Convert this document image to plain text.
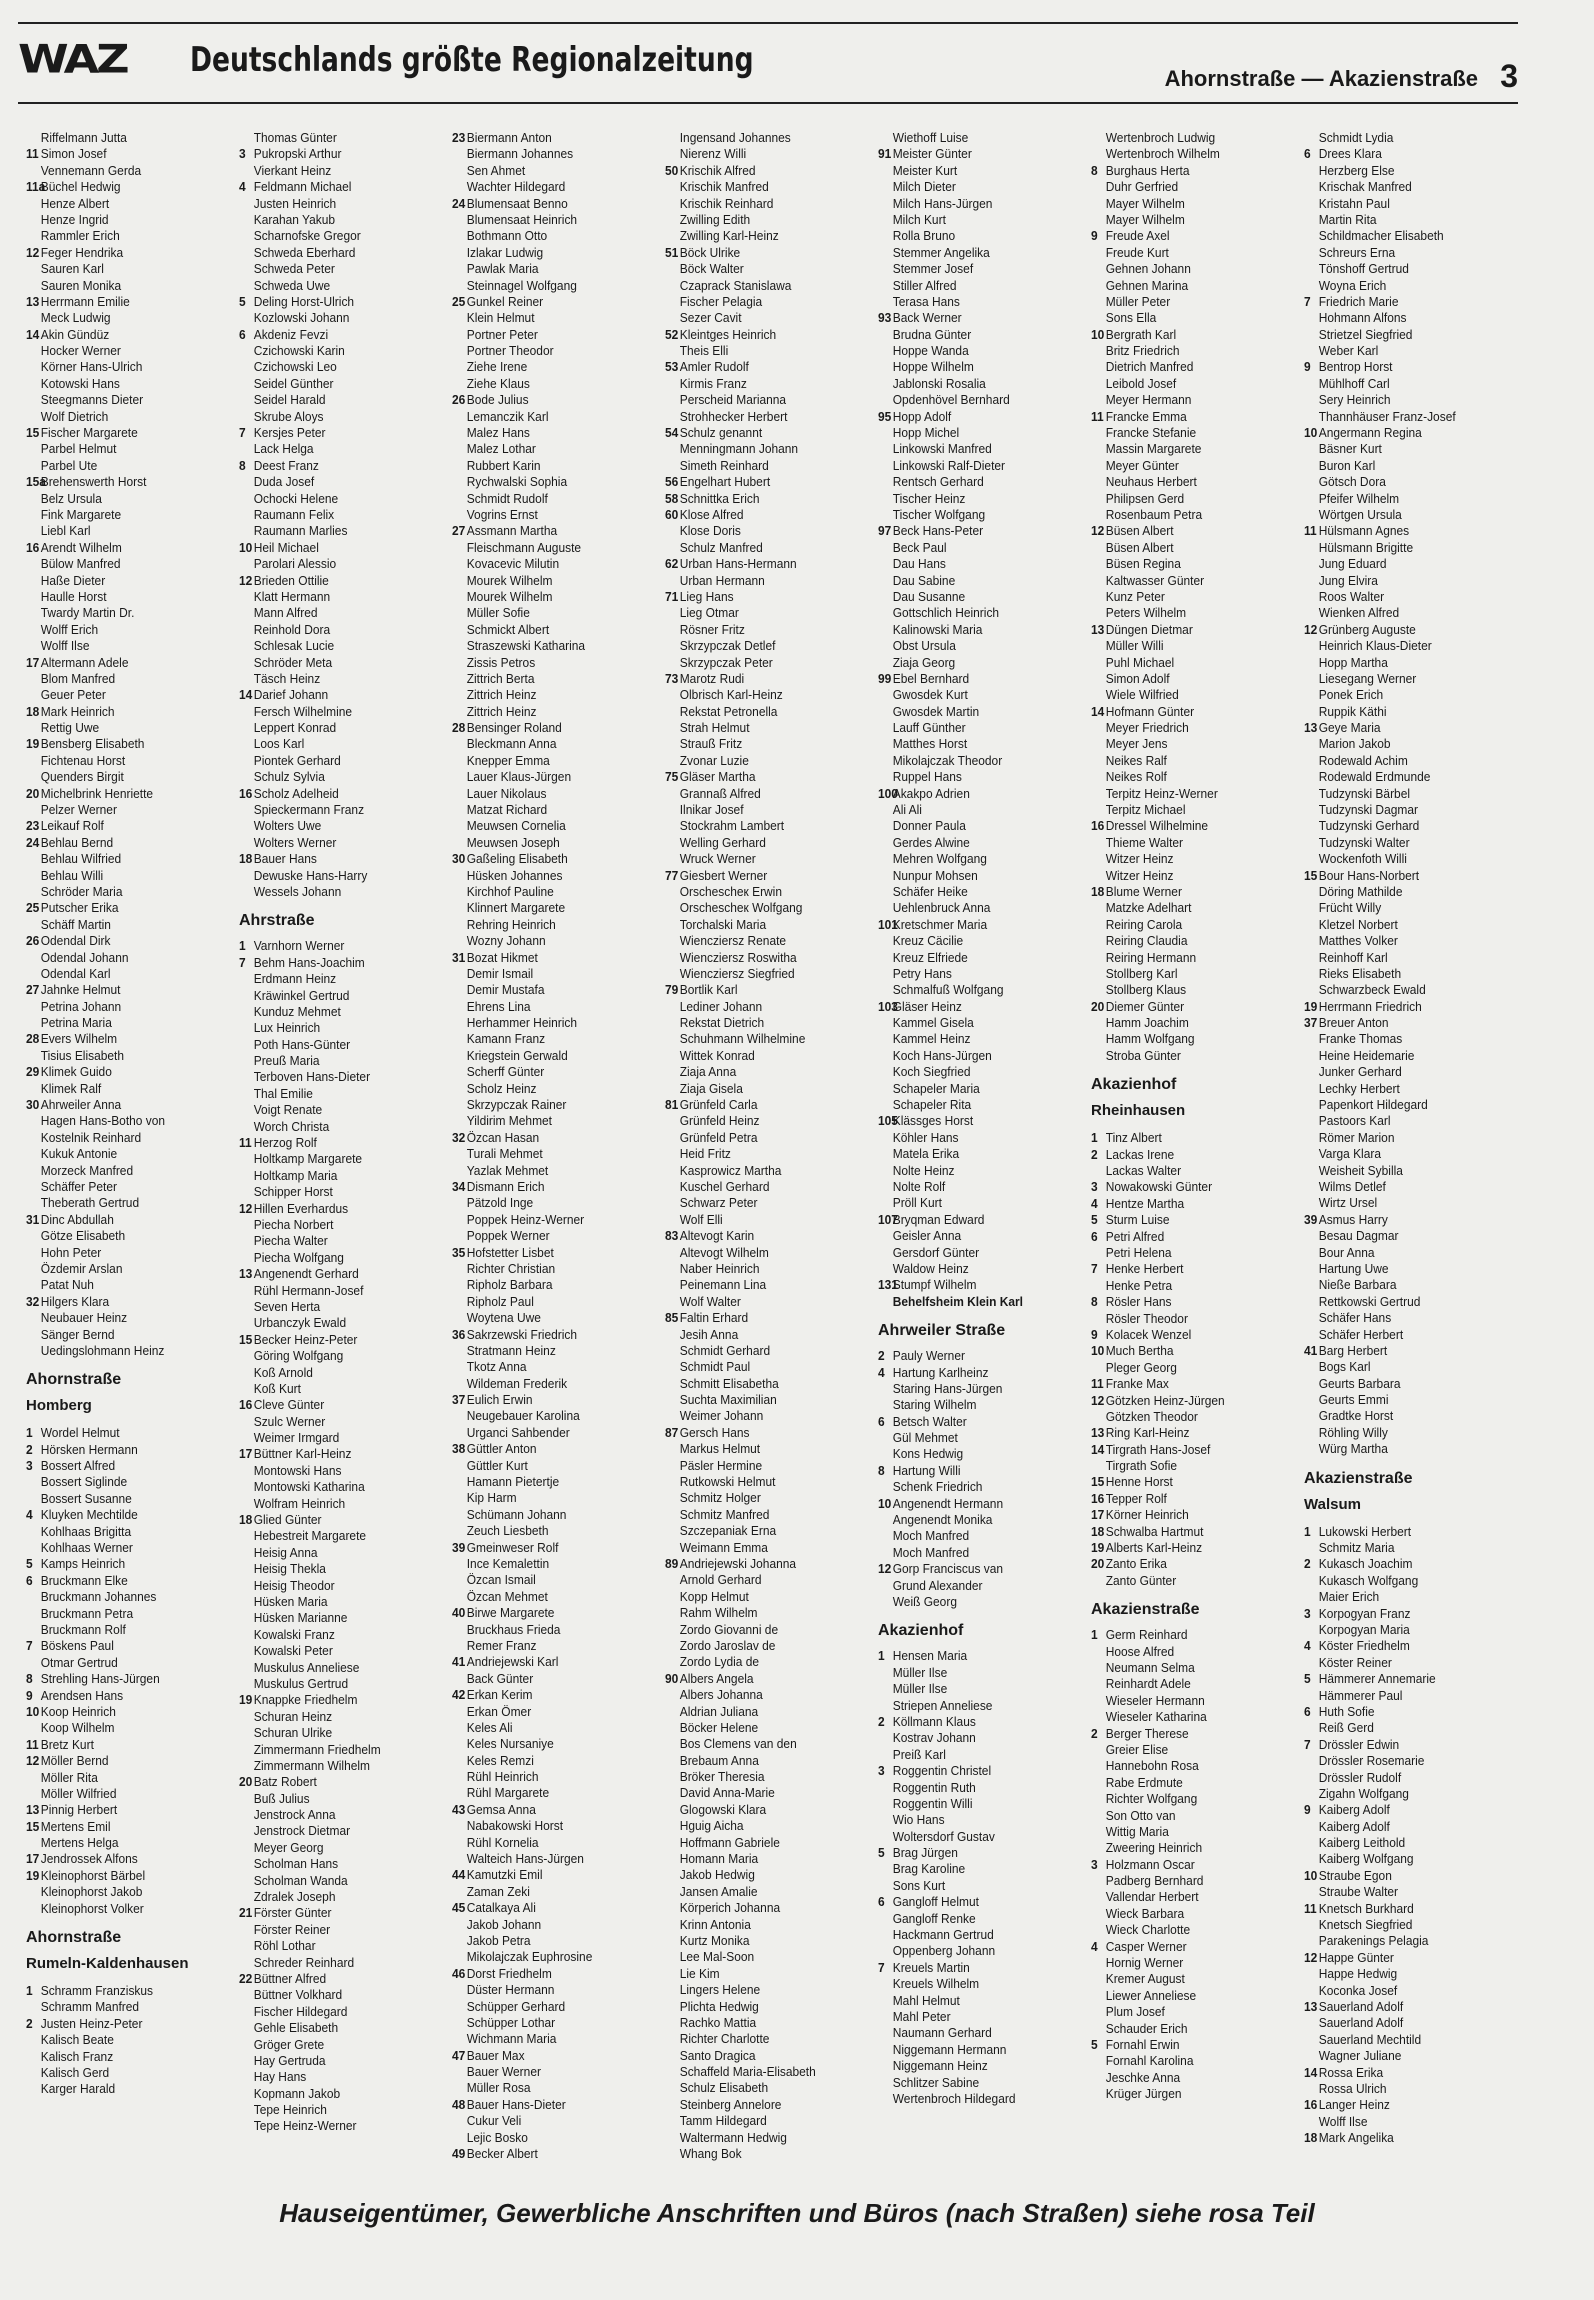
WAZ Deutschlands größte Regionalzeitung	Ahornstraße — Akazienstraße 3
Riffelmann Jutta
11 Simon Josef
Vennemann Gerda
11aBüchel Hedwig
Henze Albert
Henze Ingrid
Rammler Erich
12Feger Hendrika
Sauren Karl
Sauren Monika
13Herrmann Emilie
Meck Ludwig
14Akin Gündüz
Hocker Werner
Körner Hans-Ulrich
Kotowski Hans
Steegmanns Dieter
Wolf Dietrich
15Fischer Margarete
Parbel Helmut
Parbel Ute
15aBrehenswerth Horst
Belz Ursula
Fink Margarete
Liebl Karl
16Arendt Wilhelm
Bülow Manfred
Haße Dieter
Haulle Horst
Twardy Martin Dr.
Wolff Erich
Wolff Ilse
17Altermann Adele
Blom Manfred
Geuer Peter
18Mark Heinrich
Rettig Uwe
19Bensberg Elisabeth
Fichtenau Horst
Quenders Birgit
20Michelbrink Henriette
Pelzer Werner
23Leikauf Rolf
24Behlau Bernd
Behlau Wilfried
Behlau Willi
Schröder Maria
25Putscher Erika
Schäff Martin
26Odendal Dirk
Odendal Johann
Odendal Karl
27Jahnke Helmut
Petrina Johann
Petrina Maria
28Evers Wilhelm
Tisius Elisabeth
29Klimek Guido
Klimek Ralf
30Ahrweiler Anna
Hagen Hans-Botho von
Kostelnik Reinhard
Kukuk Antonie
Morzeck Manfred
Schäffer Peter
Theberath Gertrud
31Dinc Abdullah
Götze Elisabeth
Hohn Peter
Özdemir Arslan
Patat Nuh
32Hilgers Klara
Neubauer Heinz
Sänger Bernd
Uedingslohmann Heinz
Ahornstraße
Homberg
1 Wordel Helmut
2 Hörsken Hermann
3 Bossert Alfred
Bossert Siglinde
Bossert Susanne
4 Kluyken Mechtilde
Kohlhaas Brigitta
Kohlhaas Werner
5 Kamps Heinrich
6 Bruckmann Elke
Bruckmann Johannes
Bruckmann Petra
Bruckmann Rolf
7 Böskens Paul
Otmar Gertrud
8 Strehling Hans-Jürgen
9 Arendsen Hans
10Koop Heinrich
Koop Wilhelm
11 Bretz Kurt
12Möller Bernd
Möller Rita
Möller Wilfried
13Pinnig Herbert
15Mertens Emil
Mertens Helga
17Jendrossek Alfons
19Kleinophorst Bärbel
Kleinophorst Jakob
Kleinophorst Volker
Ahornstraße
Rumeln-Kaldenhausen
1 Schramm Franziskus
Schramm Manfred
2 Justen Heinz-Peter
Kalisch Beate
Kalisch Franz
Kalisch Gerd
Karger Harald
Thomas Günter
3 Pukropski Arthur
Vierkant Heinz
4 Feldmann Michael
Justen Heinrich
Karahan Yakub
Scharnofske Gregor
Schweda Eberhard
Schweda Peter
Schweda Uwe
5 Deling Horst-Ulrich
Kozlowski Johann
6 Akdeniz Fevzi
Czichowski Karin
Czichowski Leo
Seidel Günther
Seidel Harald
Skrube Aloys
7 Kersjes Peter
Lack Helga
8 Deest Franz
Duda Josef
Ochocki Helene
Raumann Felix
Raumann Marlies
10Heil Michael
Parolari Alessio
12Brieden Ottilie
Klatt Hermann
Mann Alfred
Reinhold Dora
Schlesak Lucie
Schröder Meta
Täsch Heinz
14Darief Johann
Fersch Wilhelmine
Leppert Konrad
Loos Karl
Piontek Gerhard
Schulz Sylvia
16Scholz Adelheid
Spieckermann Franz
Wolters Uwe
Wolters Werner
18Bauer Hans
Dewuske Hans-Harry
Wessels Johann
Ahrstraße
1 Varnhorn Werner
7 Behm Hans-Joachim
Erdmann Heinz
Kräwinkel Gertrud
Kunduz Mehmet
Lux Heinrich
Poth Hans-Günter
Preuß Maria
Terboven Hans-Dieter
Thal Emilie
Voigt Renate
Worch Christa
11 Herzog Rolf
Holtkamp Margarete
Holtkamp Maria
Schipper Horst
12Hillen Everhardus
Piecha Norbert
Piecha Walter
Piecha Wolfgang
13Angenendt Gerhard
Rühl Hermann-Josef
Seven Herta
Urbanczyk Ewald
15Becker Heinz-Peter
Göring Wolfgang
Koß Arnold
Koß Kurt
16Cleve Günter
Szulc Werner
Weimer Irmgard
17Büttner Karl-Heinz
Montowski Hans
Montowski Katharina
Wolfram Heinrich
18Glied Günter
Hebestreit Margarete
Heisig Anna
Heisig Thekla
Heisig Theodor
Hüsken Maria
Hüsken Marianne
Kowalski Franz
Kowalski Peter
Muskulus Anneliese
Muskulus Gertrud
19Knappke Friedhelm
Schuran Heinz
Schuran Ulrike
Zimmermann Friedhelm
Zimmermann Wilhelm
20Batz Robert
Buß Julius
Jenstrock Anna
Jenstrock Dietmar
Meyer Georg
Scholman Hans
Scholman Wanda
Zdralek Joseph
21Förster Günter
Förster Reiner
Röhl Lothar
Schreder Reinhard
22Büttner Alfred
Büttner Volkhard
Fischer Hildegard
Gehle Elisabeth
Gröger Grete
Hay Gertruda
Hay Hans
Kopmann Jakob
Tepe Heinrich
Tepe Heinz-Werner
23Biermann Anton
Biermann Johannes
Sen Ahmet
Wachter Hildegard
24Blumensaat Benno
Blumensaat Heinrich
Bothmann Otto
Izlakar Ludwig
Pawlak Maria
Steinnagel Wolfgang
25Gunkel Reiner
Klein Helmut
Portner Peter
Portner Theodor
Ziehe Irene
Ziehe Klaus
26Bode Julius
Lemanczik Karl
Malez Hans
Malez Lothar
Rubbert Karin
Rychwalski Sophia
Schmidt Rudolf
Vogrins Ernst
27Assmann Martha
Fleischmann Auguste
Kovacevic Milutin
Mourek Wilhelm
Mourek Wilhelm
Müller Sofie
Schmickt Albert
Straszewski Katharina
Zissis Petros
Zittrich Berta
Zittrich Heinz
Zittrich Heinz
28Bensinger Roland
Bleckmann Anna
Knepper Emma
Lauer Klaus-Jürgen
Lauer Nikolaus
Matzat Richard
Meuwsen Cornelia
Meuwsen Joseph
30Gaßeling Elisabeth
Hüsken Johannes
Kirchhof Pauline
Klinnert Margarete
Rehring Heinrich
Wozny Johann
31Bozat Hikmet
Demir Ismail
Demir Mustafa
Ehrens Lina
Herhammer Heinrich
Kamann Franz
Kriegstein Gerwald
Scherff Günter
Scholz Heinz
Skrzypczak Rainer
Yildirim Mehmet
32Özcan Hasan
Turali Mehmet
Yazlak Mehmet
34Dismann Erich
Pätzold Inge
Poppek Heinz-Werner
Poppek Werner
35Hofstetter Lisbet
Richter Christian
Ripholz Barbara
Ripholz Paul
Woytena Uwe
36Sakrzewski Friedrich
Stratmann Heinz
Tkotz Anna
Wildeman Frederik
37Eulich Erwin
Neugebauer Karolina
Urganci Sahbender
38Güttler Anton
Güttler Kurt
Hamann Pietertje
Kip Harm
Schümann Johann
Zeuch Liesbeth
39Gmeinweser Rolf
Ince Kemalettin
Özcan Ismail
Özcan Mehmet
40Birwe Margarete
Bruckhaus Frieda
Remer Franz
41Andriejewski Karl
Back Günter
42Erkan Kerim
Erkan Ömer
Keles Ali
Keles Nursaniye
Keles Remzi
Rühl Heinrich
Rühl Margarete
43Gemsa Anna
Nabakowski Horst
Rühl Kornelia
Walteich Hans-Jürgen
44Kamutzki Emil
Zaman Zeki
45Catalkaya Ali
Jakob Johann
Jakob Petra
Mikolajczak Euphrosine
46Dorst Friedhelm
Düster Hermann
Schüpper Gerhard
Schüpper Lothar
Wichmann Maria
47Bauer Max
Bauer Werner
Müller Rosa
48Bauer Hans-Dieter
Cukur Veli
Lejic Bosko
49Becker Albert
Ingensand Johannes
Nierenz Willi
50Krischik Alfred
Krischik Manfred
Krischik Reinhard
Zwilling Edith
Zwilling Karl-Heinz
51Böck Ulrike
Böck Walter
Czaprack Stanislawa
Fischer Pelagia
Sezer Cavit
52Kleintges Heinrich
Theis Elli
53Amler Rudolf
Kirmis Franz
Perscheid Marianna
Strohhecker Herbert
54Schulz genannt
Menningmann Johann
Simeth Reinhard
56Engelhart Hubert
58Schnittka Erich
60Klose Alfred
Klose Doris
Schulz Manfred
62Urban Hans-Hermann
Urban Hermann
71Lieg Hans
Lieg Otmar
Rösner Fritz
Skrzypczak Detlef
Skrzypczak Peter
73Marotz Rudi
Olbrisch Karl-Heinz
Rekstat Petronella
Strah Helmut
Strauß Fritz
Zvonar Luzie
75Gläser Martha
Grannaß Alfred
Ilnikar Josef
Stockrahm Lambert
Welling Gerhard
Wruck Werner
77Giesbert Werner
Orschescheк Erwin
Orschescheк Wolfgang
Torchalski Maria
Wiencziersz Renate
Wiencziersz Roswitha
Wiencziersz Siegfried
79Bortlik Karl
Lediner Johann
Rekstat Dietrich
Schuhmann Wilhelmine
Wittek Konrad
Ziaja Anna
Ziaja Gisela
81Grünfeld Carla
Grünfeld Heinz
Grünfeld Petra
Heid Fritz
Kasprowicz Martha
Kuschel Gerhard
Schwarz Peter
Wolf Elli
83Altevogt Karin
Altevogt Wilhelm
Naber Heinrich
Peinemann Lina
Wolf Walter
85Faltin Erhard
Jesih Anna
Schmidt Gerhard
Schmidt Paul
Schmitt Elisabetha
Suchta Maximilian
Weimer Johann
87Gersch Hans
Markus Helmut
Päsler Hermine
Rutkowski Helmut
Schmitz Holger
Schmitz Manfred
Szczepaniak Erna
Weimann Emma
89Andriejewski Johanna
Arnold Gerhard
Kopp Helmut
Rahm Wilhelm
Zordo Giovanni de
Zordo Jaroslav de
Zordo Lydia de
90Albers Angela
Albers Johanna
Aldrian Juliana
Böcker Helene
Bos Clemens van den
Brebaum Anna
Bröker Theresia
David Anna-Marie
Glogowski Klara
Hguig Aicha
Hoffmann Gabriele
Homann Maria
Jakob Hedwig
Jansen Amalie
Körperich Johanna
Krinn Antonia
Kurtz Monika
Lee Mal-Soon
Lie Kim
Lingers Helene
Plichta Hedwig
Rachko Mattia
Richter Charlotte
Santo Dragica
Schaffeld Maria-Elisabeth
Schulz Elisabeth
Steinberg Annelore
Tamm Hildegard
Waltermann Hedwig
Whang Bok
Wiethoff Luise
91Meister Günter
Meister Kurt
Milch Dieter
Milch Hans-Jürgen
Milch Kurt
Rolla Bruno
Stemmer Angelika
Stemmer Josef
Stiller Alfred
Terasa Hans
93Back Werner
Brudna Günter
Hoppe Wanda
Hoppe Wilhelm
Jablonski Rosalia
Opdenhövel Bernhard
95Hopp Adolf
Hopp Michel
Linkowski Manfred
Linkowski Ralf-Dieter
Rentsch Gerhard
Tischer Heinz
Tischer Wolfgang
97Beck Hans-Peter
Beck Paul
Dau Hans
Dau Sabine
Dau Susanne
Gottschlich Heinrich
Kalinowski Maria
Obst Ursula
Ziaja Georg
99Ebel Bernhard
Gwosdek Kurt
Gwosdek Martin
Lauff Günther
Matthes Horst
Mikolajczak Theodor
Ruppel Hans
100Akakpo Adrien
Ali Ali
Donner Paula
Gerdes Alwine
Mehren Wolfgang
Nunpur Mohsen
Schäfer Heike
Uehlenbruck Anna
101Kretschmer Maria
Kreuz Cäcilie
Kreuz Elfriede
Petry Hans
Schmalfuß Wolfgang
103Gläser Heinz
Kammel Gisela
Kammel Heinz
Koch Hans-Jürgen
Koch Siegfried
Schapeler Maria
Schapeler Rita
105Klässges Horst
Köhler Hans
Matela Erika
Nolte Heinz
Nolte Rolf
Pröll Kurt
107Bryqman Edward
Geisler Anna
Gersdorf Günter
Waldow Heinz
131Stumpf Wilhelm
Behelfsheim Klein Karl
Ahrweiler Straße
2 Pauly Werner
4 Hartung Karlheinz
Staring Hans-Jürgen
Staring Wilhelm
6 Betsch Walter
Gül Mehmet
Kons Hedwig
8 Hartung Willi
Schenk Friedrich
10Angenendt Hermann
Angenendt Monika
Moch Manfred
Moch Manfred
12Gorp Franciscus van
Grund Alexander
Weiß Georg
Akazienhof
1 Hensen Maria
Müller Ilse
Müller Ilse
Striepen Anneliese
2 Köllmann Klaus
Kostrav Johann
Preiß Karl
3 Roggentin Christel
Roggentin Ruth
Roggentin Willi
Wio Hans
Woltersdorf Gustav
5 Brag Jürgen
Brag Karoline
Sons Kurt
6 Gangloff Helmut
Gangloff Renke
Hackmann Gertrud
Oppenberg Johann
7 Kreuels Martin
Kreuels Wilhelm
Mahl Helmut
Mahl Peter
Naumann Gerhard
Niggemann Hermann
Niggemann Heinz
Schlitzer Sabine
Wertenbroch Hildegard
Wertenbroch Ludwig
Wertenbroch Wilhelm
8 Burghaus Herta
Duhr Gerfried
Mayer Wilhelm
Mayer Wilhelm
9 Freude Axel
Freude Kurt
Gehnen Johann
Gehnen Marina
Müller Peter
Sons Ella
10Bergrath Karl
Britz Friedrich
Dietrich Manfred
Leibold Josef
Meyer Hermann
11 Francke Emma
Francke Stefanie
Massin Margarete
Meyer Günter
Neuhaus Herbert
Philipsen Gerd
Rosenbaum Petra
12Büsen Albert
Büsen Albert
Büsen Regina
Kaltwasser Günter
Kunz Peter
Peters Wilhelm
13Düngen Dietmar
Müller Willi
Puhl Michael
Simon Adolf
Wiele Wilfried
14Hofmann Günter
Meyer Friedrich
Meyer Jens
Neikes Ralf
Neikes Rolf
Terpitz Heinz-Werner
Terpitz Michael
16Dressel Wilhelmine
Thieme Walter
Witzer Heinz
Witzer Heinz
18Blume Werner
Matzke Adelhart
Reiring Carola
Reiring Claudia
Reiring Hermann
Stollberg Karl
Stollberg Klaus
20Diemer Günter
Hamm Joachim
Hamm Wolfgang
Stroba Günter
Akazienhof
Rheinhausen
1 Tinz Albert
2 Lackas Irene
Lackas Walter
3 Nowakowski Günter
4 Hentze Martha
5 Sturm Luise
6 Petri Alfred
Petri Helena
7 Henke Herbert
Henke Petra
8 Rösler Hans
Rösler Theodor
9 Kolacek Wenzel
10Much Bertha
Pleger Georg
11 Franke Max
12Götzken Heinz-Jürgen
Götzken Theodor
13Ring Karl-Heinz
14Tirgrath Hans-Josef
Tirgrath Sofie
15Henne Horst
16Tepper Rolf
17Körner Heinrich
18Schwalba Hartmut
19Alberts Karl-Heinz
20Zanto Erika
Zanto Günter
Akazienstraße
1 Germ Reinhard
Hoose Alfred
Neumann Selma
Reinhardt Adele
Wieseler Hermann
Wieseler Katharina
2 Berger Therese
Greier Elise
Hannebohn Rosa
Rabe Erdmute
Richter Wolfgang
Son Otto van
Wittig Maria
Zweering Heinrich
3 Holzmann Oscar
Padberg Bernhard
Vallendar Herbert
Wieck Barbara
Wieck Charlotte
4 Casper Werner
Hornig Werner
Kremer August
Liewer Anneliese
Plum Josef
Schauder Erich
5 Fornahl Erwin
Fornahl Karolina
Jeschke Anna
Krüger Jürgen
Schmidt Lydia
6 Drees Klara
Herzberg Else
Krischak Manfred
Kristahn Paul
Martin Rita
Schildmacher Elisabeth
Schreurs Erna
Tönshoff Gertrud
Woyna Erich
7 Friedrich Marie
Hohmann Alfons
Strietzel Siegfried
Weber Karl
9 Bentrop Horst
Mühlhoff Carl
Sery Heinrich
Thannhäuser Franz-Josef
10Angermann Regina
Bäsner Kurt
Buron Karl
Götsch Dora
Pfeifer Wilhelm
Wörtgen Ursula
11 Hülsmann Agnes
Hülsmann Brigitte
Jung Eduard
Jung Elvira
Roos Walter
Wienken Alfred
12Grünberg Auguste
Heinrich Klaus-Dieter
Hopp Martha
Liesegang Werner
Ponek Erich
Ruppik Käthi
13Geye Maria
Marion Jakob
Rodewald Achim
Rodewald Erdmunde
Tudzynski Bärbel
Tudzynski Dagmar
Tudzynski Gerhard
Tudzynski Walter
Wockenfoth Willi
15Bour Hans-Norbert
Döring Mathilde
Frücht Willy
Kletzel Norbert
Matthes Volker
Reinhoff Karl
Rieks Elisabeth
Schwarzbeck Ewald
19Herrmann Friedrich
37Breuer Anton
Franke Thomas
Heine Heidemarie
Junker Gerhard
Lechky Herbert
Papenkort Hildegard
Pastoors Karl
Römer Marion
Varga Klara
Weisheit Sybilla
Wilms Detlef
Wirtz Ursel
39Asmus Harry
Besau Dagmar
Bour Anna
Hartung Uwe
Nieße Barbara
Rettkowski Gertrud
Schäfer Hans
Schäfer Herbert
41Barg Herbert
Bogs Karl
Geurts Barbara
Geurts Emmi
Gradtke Horst
Röhling Willy
Würg Martha
Akazienstraße
Walsum
1 Lukowski Herbert
Schmitz Maria
2 Kukasch Joachim
Kukasch Wolfgang
Maier Erich
3 Korpogyan Franz
Korpogyan Maria
4 Köster Friedhelm
Köster Reiner
5 Hämmerer Annemarie
Hämmerer Paul
6 Huth Sofie
Reiß Gerd
7 Drössler Edwin
Drössler Rosemarie
Drössler Rudolf
Zigahn Wolfgang
9 Kaiberg Adolf
Kaiberg Adolf
Kaiberg Leithold
Kaiberg Wolfgang
10Straube Egon
Straube Walter
11 Knetsch Burkhard
Knetsch Siegfried
Parakenings Pelagia
12Happe Günter
Happe Hedwig
Koconka Josef
13Sauerland Adolf
Sauerland Adolf
Sauerland Mechtild
Wagner Juliane
14Rossa Erika
Rossa Ulrich
16Langer Heinz
Wolff Ilse
18Mark Angelika
Hauseigentümer, Gewerbliche Anschriften und Büros (nach Straßen) siehe rosa Teil
